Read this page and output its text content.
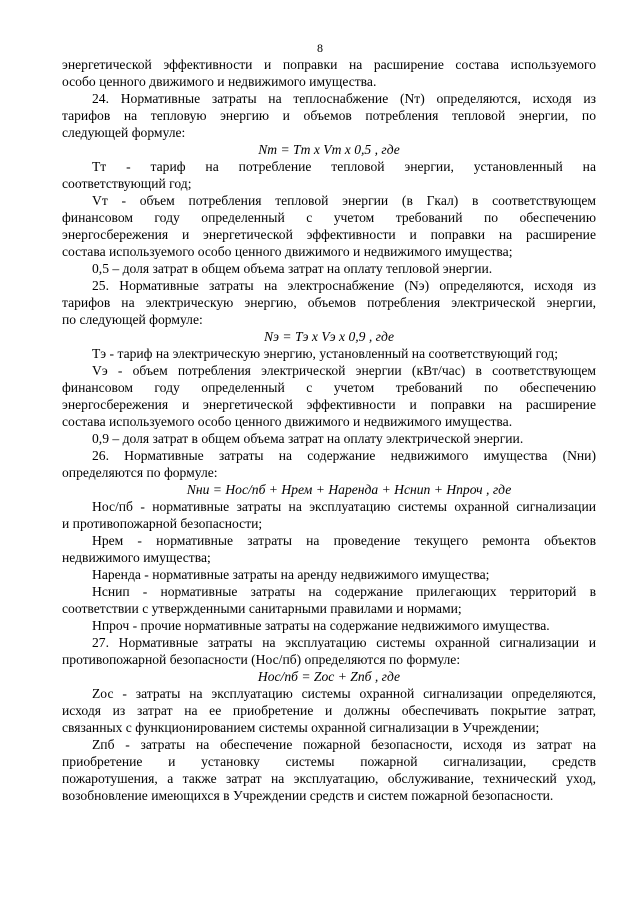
8

энергетической эффективности и поправки на расширение состава используемого

особо ценного движимого и недвижимого имущества.

24. Нормативные затраты на теплоснабжение (Nт) определяются, исходя из

тарифов на тепловую энергию и объемов потребления тепловой энергии, по

следующей формуле:

Nт = Tт x Vт x 0,5 , где

Tт - тариф на потребление тепловой энергии, установленный на

соответствующий год;

Vт - объем потребления тепловой энергии (в Гкал) в соответствующем

финансовом году определенный с учетом требований по обеспечению

энергосбережения и энергетической эффективности и поправки на расширение

состава используемого особо ценного движимого и недвижимого имущества;

0,5 – доля затрат в общем объема затрат на оплату тепловой энергии.

25. Нормативные затраты на электроснабжение (Nэ) определяются, исходя из

тарифов на электрическую энергию, объемов потребления электрической энергии,

по следующей формуле:

Nэ = Tэ x Vэ x 0,9 , где

Tэ - тариф на электрическую энергию, установленный на соответствующий год;

Vэ - объем потребления электрической энергии (кВт/час) в соответствующем

финансовом году определенный с учетом требований по обеспечению

энергосбережения и энергетической эффективности и поправки на расширение

состава используемого особо ценного движимого и недвижимого имущества.

0,9 – доля затрат в общем объема затрат на оплату электрической энергии.

26. Нормативные затраты на содержание недвижимого имущества (Nни)

определяются по формуле:

Nни = Нос/пб + Нрем + Наренда + Нснип + Нпроч , где

Нос/пб - нормативные затраты на эксплуатацию системы охранной сигнализации

и противопожарной безопасности;

Нрем - нормативные затраты на проведение текущего ремонта объектов

недвижимого имущества;

Наренда - нормативные затраты на аренду недвижимого имущества;

Нснип - нормативные затраты на содержание прилегающих территорий в

соответствии с утвержденными санитарными правилами и нормами;

Нпроч - прочие нормативные затраты на содержание недвижимого имущества.

27. Нормативные затраты на эксплуатацию системы охранной сигнализации и

противопожарной безопасности (Нос/пб) определяются по формуле:

Нос/пб = Zос + Zпб , где

Zос - затраты на эксплуатацию системы охранной сигнализации определяются,

исходя из затрат на ее приобретение и должны обеспечивать покрытие затрат,

связанных с функционированием системы охранной сигнализации в Учреждении;

Zпб - затраты на обеспечение пожарной безопасности, исходя из затрат на

приобретение и установку системы пожарной сигнализации, средств

пожаротушения, а также затрат на эксплуатацию, обслуживание, технический уход,

возобновление имеющихся в Учреждении средств и систем пожарной безопасности.
